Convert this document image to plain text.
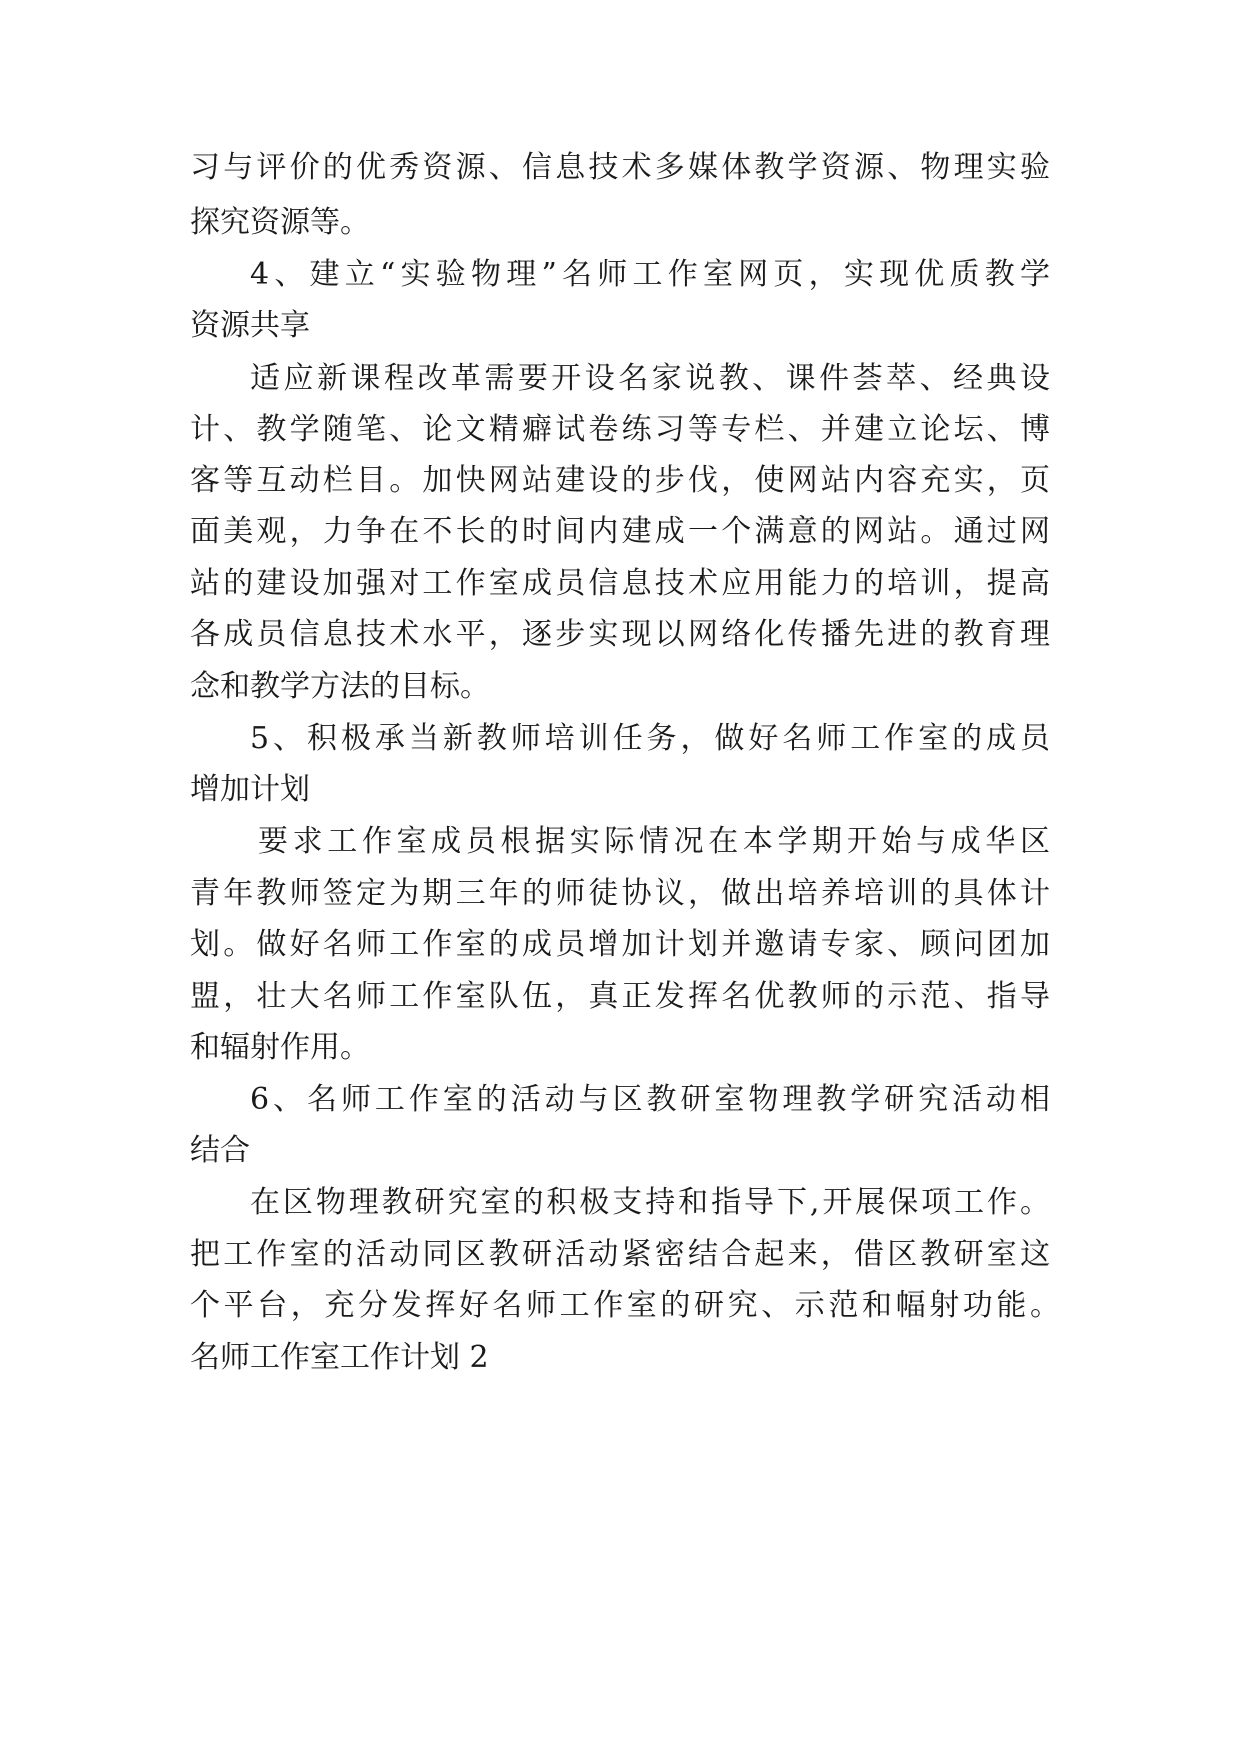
习与评价的优秀资源、信息技术多媒体教学资源、物理实验
探究资源等。
4、建立“实验物理”名师工作室网页，实现优质教学
资源共享
适应新课程改革需要开设名家说教、课件荟萃、经典设
计、教学随笔、论文精癖试卷练习等专栏、并建立论坛、博
客等互动栏目。加快网站建设的步伐，使网站内容充实，页
面美观，力争在不长的时间内建成一个满意的网站。通过网
站的建设加强对工作室成员信息技术应用能力的培训，提高
各成员信息技术水平，逐步实现以网络化传播先进的教育理
念和教学方法的目标。
5、积极承当新教师培训任务，做好名师工作室的成员
增加计划
要求工作室成员根据实际情况在本学期开始与成华区
青年教师签定为期三年的师徒协议，做出培养培训的具体计
划。做好名师工作室的成员增加计划并邀请专家、顾问团加
盟，壮大名师工作室队伍，真正发挥名优教师的示范、指导
和辐射作用。
6、名师工作室的活动与区教研室物理教学研究活动相
结合
在区物理教研究室的积极支持和指导下,开展保项工作。
把工作室的活动同区教研活动紧密结合起来，借区教研室这
个平台，充分发挥好名师工作室的研究、示范和幅射功能。
名师工作室工作计划 2
